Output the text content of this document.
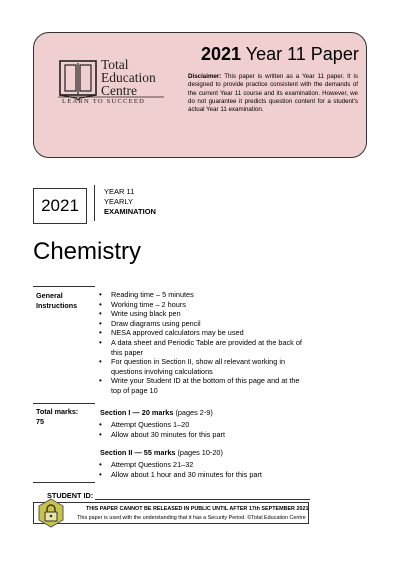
Total
Education
Centre
LEARN TO SUCCEED
2021 Year 11 Paper
Disclaimer: This paper is written as a Year 11 paper. It is designed to provide practice consistent with the demands of the current Year 11 course and its examination. However, we do not guarantee it predicts question content for a student's actual Year 11 examination.
2021
YEAR 11
YEARLY
EXAMINATION
Chemistry
General
Instructions
• Reading time – 5 minutes
• Working time – 2 hours
• Write using black pen
• Draw diagrams using pencil
• NESA approved calculators may be used
• A data sheet and Periodic Table are provided at the back of this paper
• For question in Section II, show all relevant working in questions involving calculations
• Write your Student ID at the bottom of this page and at the top of page 10
Total marks:
75
Section I — 20 marks (pages 2-9)
• Attempt Questions 1–20
• Allow about 30 minutes for this part
Section II — 55 marks (pages 10-20)
• Attempt Questions 21–32
• Allow about 1 hour and 30 minutes for this part
STUDENT ID:
THIS PAPER CANNOT BE RELEASED IN PUBLIC UNTIL AFTER 17th SEPTEMBER 2021
This paper is used with the understanding that it has a Security Period. ©Total Education Centre
